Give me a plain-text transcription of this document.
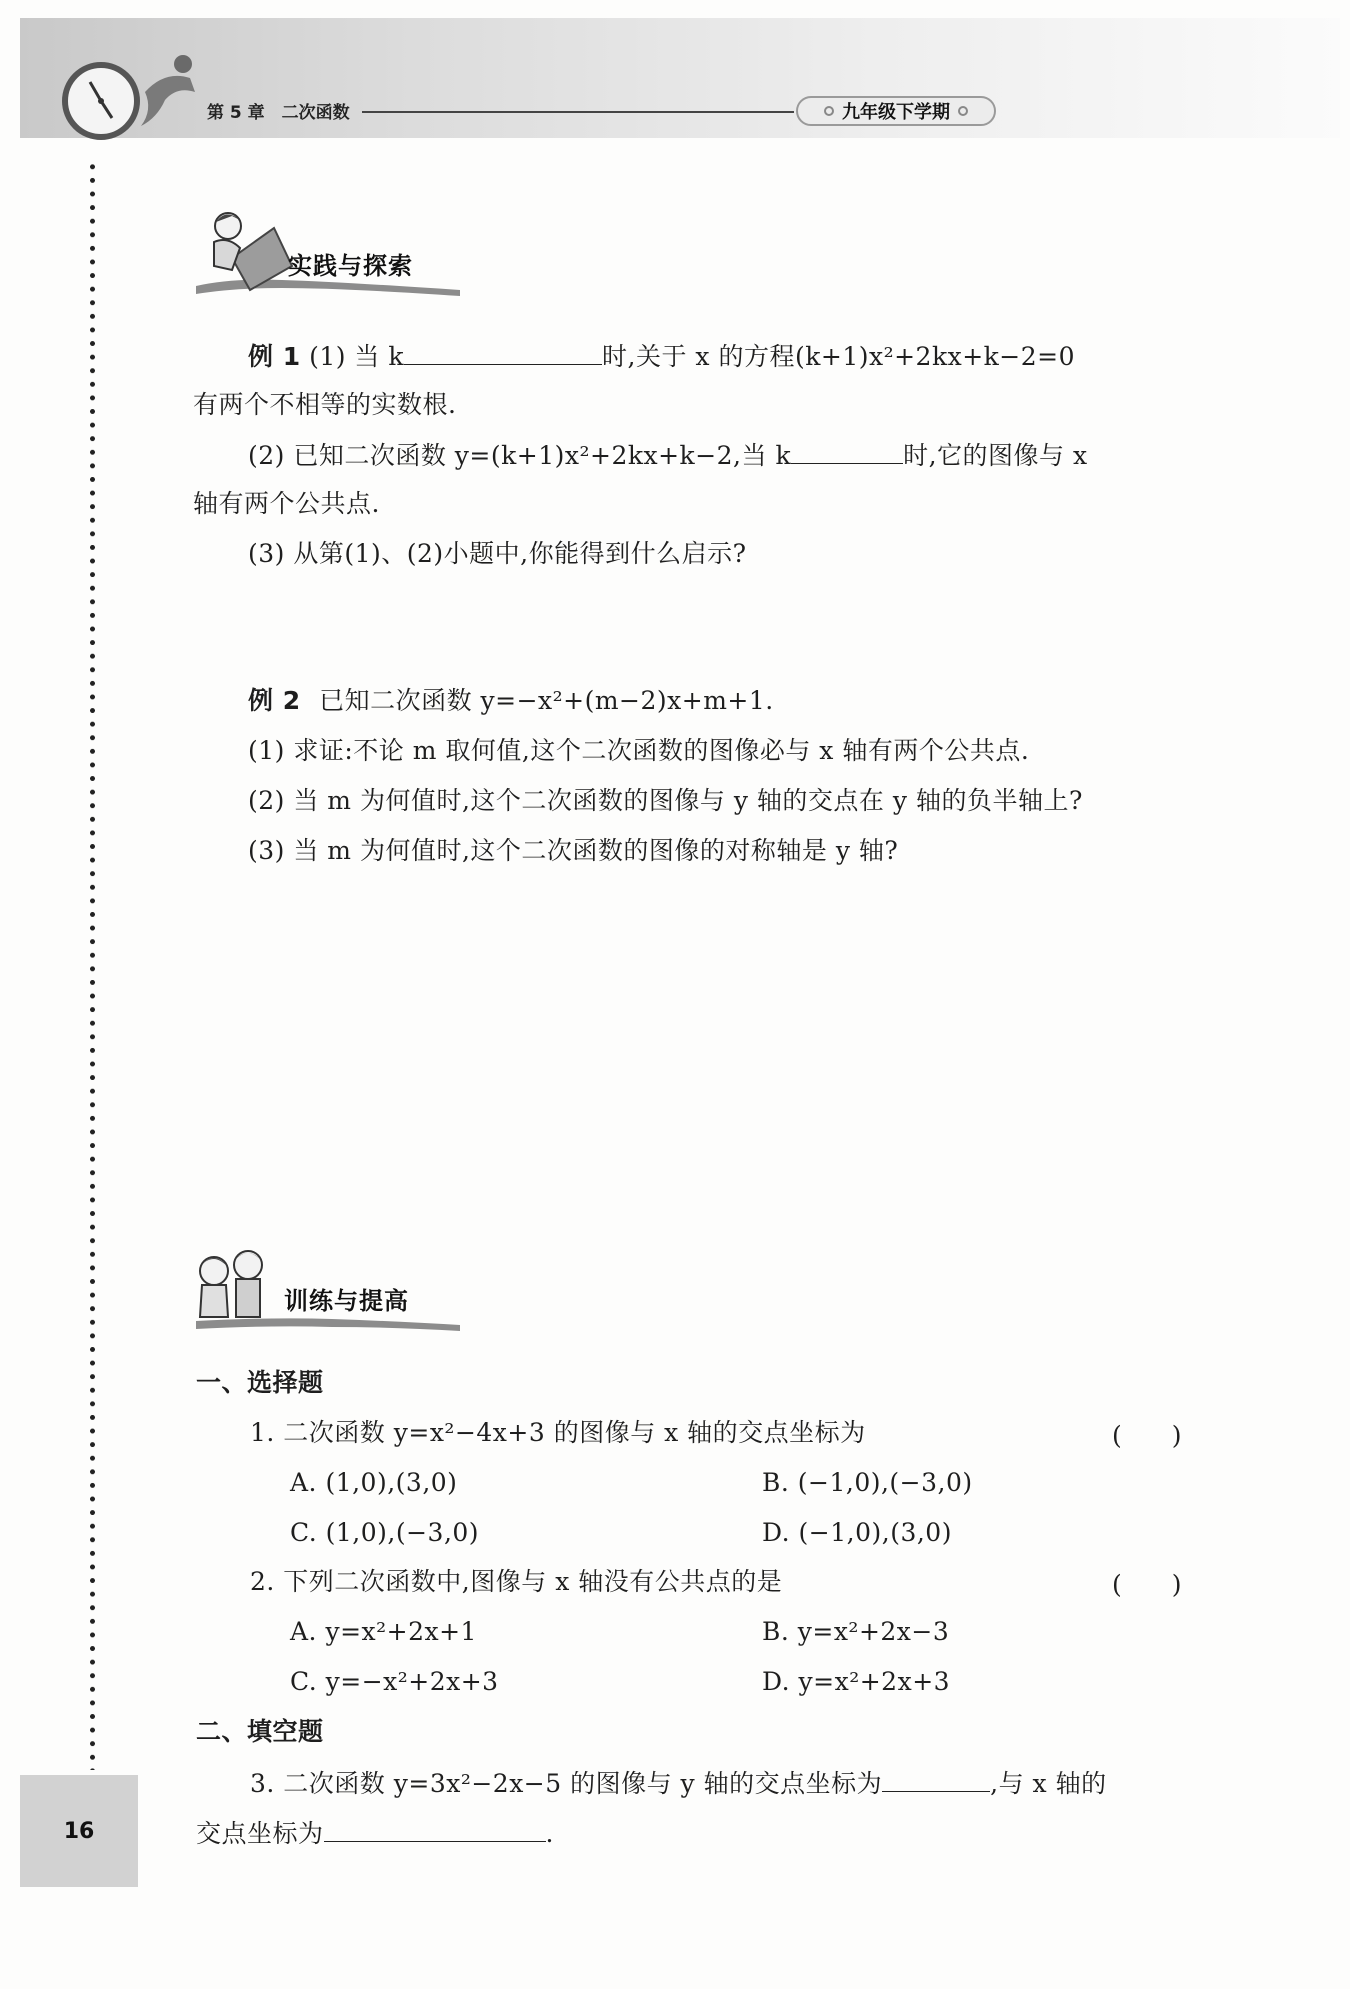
第 5 章　二次函数	九年级下学期
实践与探索
例 1 (1) 当 k	时,关于 x 的方程(k+1)x²+2kx+k−2=0
有两个不相等的实数根.
(2) 已知二次函数 y=(k+1)x²+2kx+k−2,当 k	时,它的图像与 x
轴有两个公共点.
(3) 从第(1)、(2)小题中,你能得到什么启示?
例 2 已知二次函数 y=−x²+(m−2)x+m+1.
(1) 求证:不论 m 取何值,这个二次函数的图像必与 x 轴有两个公共点.
(2) 当 m 为何值时,这个二次函数的图像与 y 轴的交点在 y 轴的负半轴上?
(3) 当 m 为何值时,这个二次函数的图像的对称轴是 y 轴?
训练与提高
一、选择题
1. 二次函数 y=x²−4x+3 的图像与 x 轴的交点坐标为	(　　)
A. (1,0),(3,0)	B. (−1,0),(−3,0)
C. (1,0),(−3,0)	D. (−1,0),(3,0)
2. 下列二次函数中,图像与 x 轴没有公共点的是	(　　)
A. y=x²+2x+1	B. y=x²+2x−3
C. y=−x²+2x+3	D. y=x²+2x+3
二、填空题
3. 二次函数 y=3x²−2x−5 的图像与 y 轴的交点坐标为	,与 x 轴的
交点坐标为	.
16
